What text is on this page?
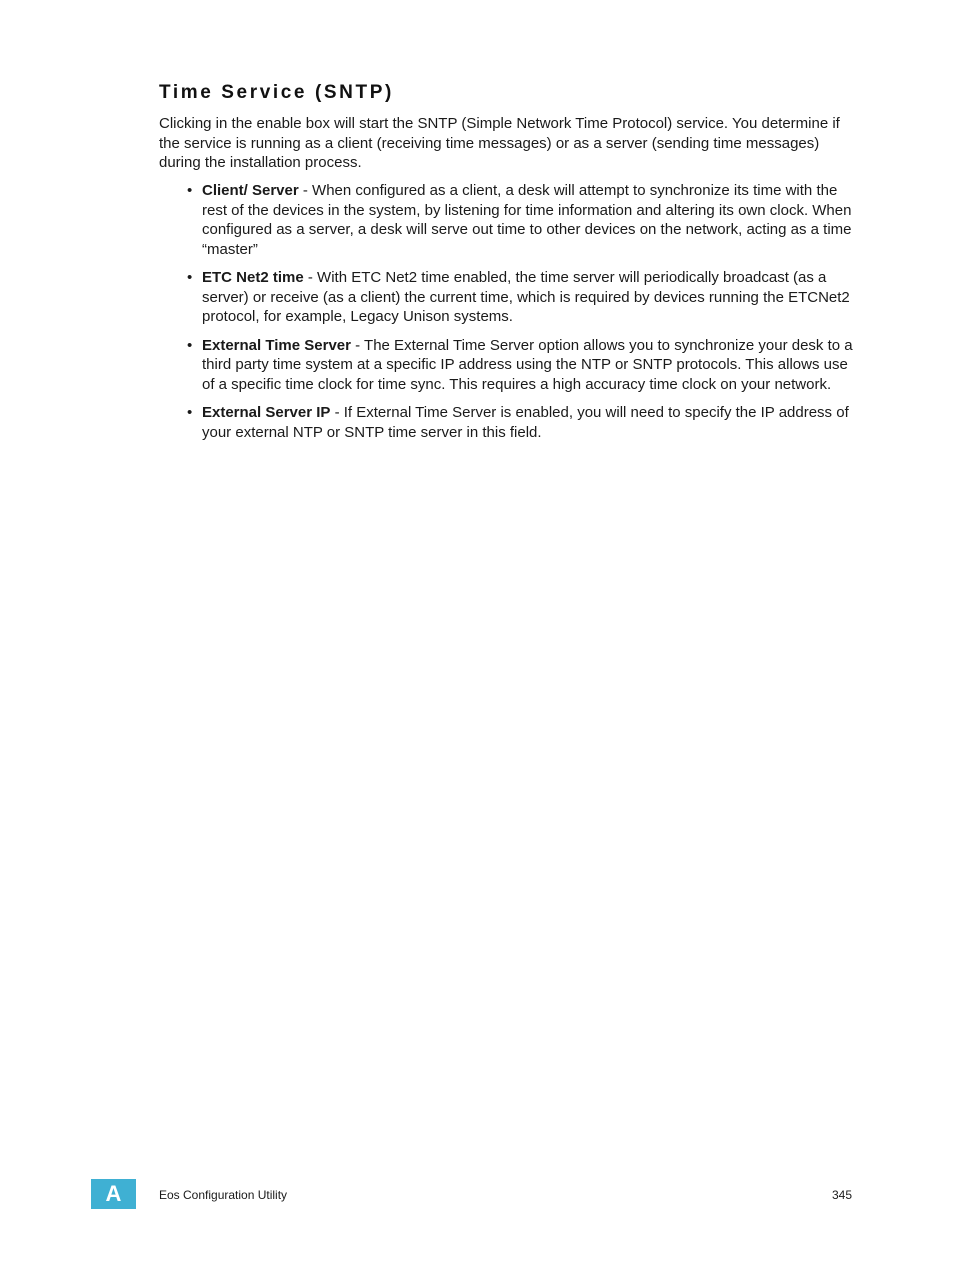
Time Service (SNTP)

Clicking in the enable box will start the SNTP (Simple Network Time Protocol) service. You determine if the service is running as a client (receiving time messages) or as a server (sending time messages) during the installation process.

• Client/ Server - When configured as a client, a desk will attempt to synchronize its time with the rest of the devices in the system, by listening for time information and altering its own clock. When configured as a server, a desk will serve out time to other devices on the network, acting as a time “master”
• ETC Net2 time - With ETC Net2 time enabled, the time server will periodically broadcast (as a server) or receive (as a client) the current time, which is required by devices running the ETCNet2 protocol, for example, Legacy Unison systems.
• External Time Server - The External Time Server option allows you to synchronize your desk to a third party time system at a specific IP address using the NTP or SNTP protocols. This allows use of a specific time clock for time sync. This requires a high accuracy time clock on your network.
• External Server IP - If External Time Server is enabled, you will need to specify the IP address of your external NTP or SNTP time server in this field.
A	Eos Configuration Utility	345
